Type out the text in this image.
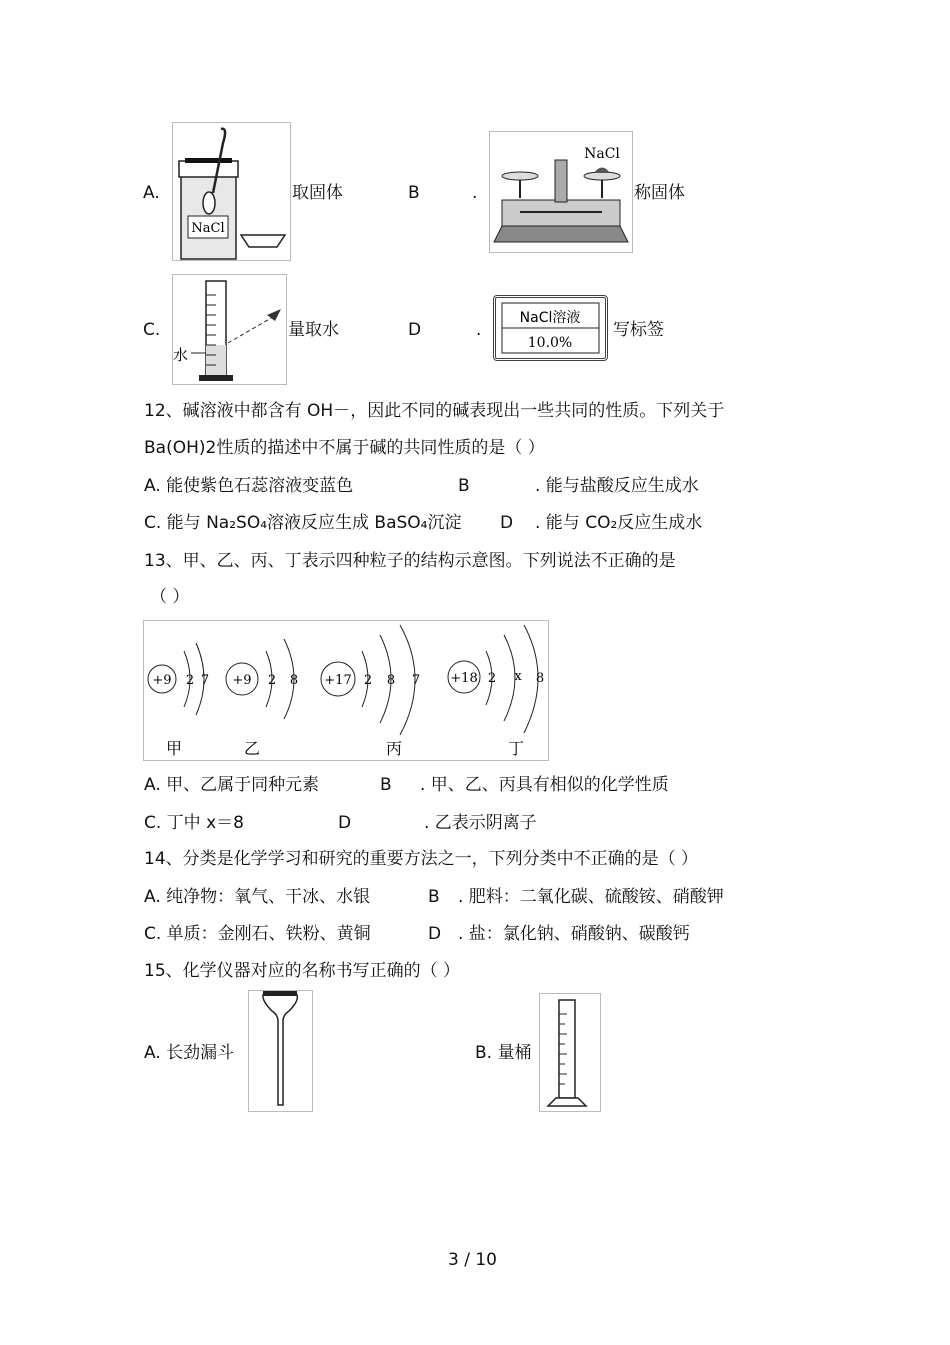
A.
NaCl
取固体	B	.
NaCl
称固体
C.
水
量取水	D	.
NaCl溶液
10.0%
写标签
12、碱溶液中都含有 OH－，因此不同的碱表现出一些共同的性质。下列关于
Ba(OH)2性质的描述中不属于碱的共同性质的是（ ）
A. 能使紫色石蕊溶液变蓝色	B	. 能与盐酸反应生成水
C. 能与 Na₂SO₄溶液反应生成 BaSO₄沉淀 D . 能与 CO₂反应生成水
13、甲、乙、丙、丁表示四种粒子的结构示意图。下列说法不正确的是
（ ）
+9 2 7
甲
+9 2 8
乙
+17 2 8 7
丙
+18 2 x 8
丁
A. 甲、乙属于同种元素	B . 甲、乙、丙具有相似的化学性质
C. 丁中 x＝8	D	. 乙表示阴离子
14、分类是化学学习和研究的重要方法之一，下列分类中不正确的是（ ）
A. 纯净物：氧气、干冰、水银	B . 肥料：二氧化碳、硫酸铵、硝酸钾
C. 单质：金刚石、铁粉、黄铜	D . 盐：氯化钠、硝酸钠、碳酸钙
15、化学仪器对应的名称书写正确的（ ）
A. 长劲漏斗	B. 量桶
3 / 10
